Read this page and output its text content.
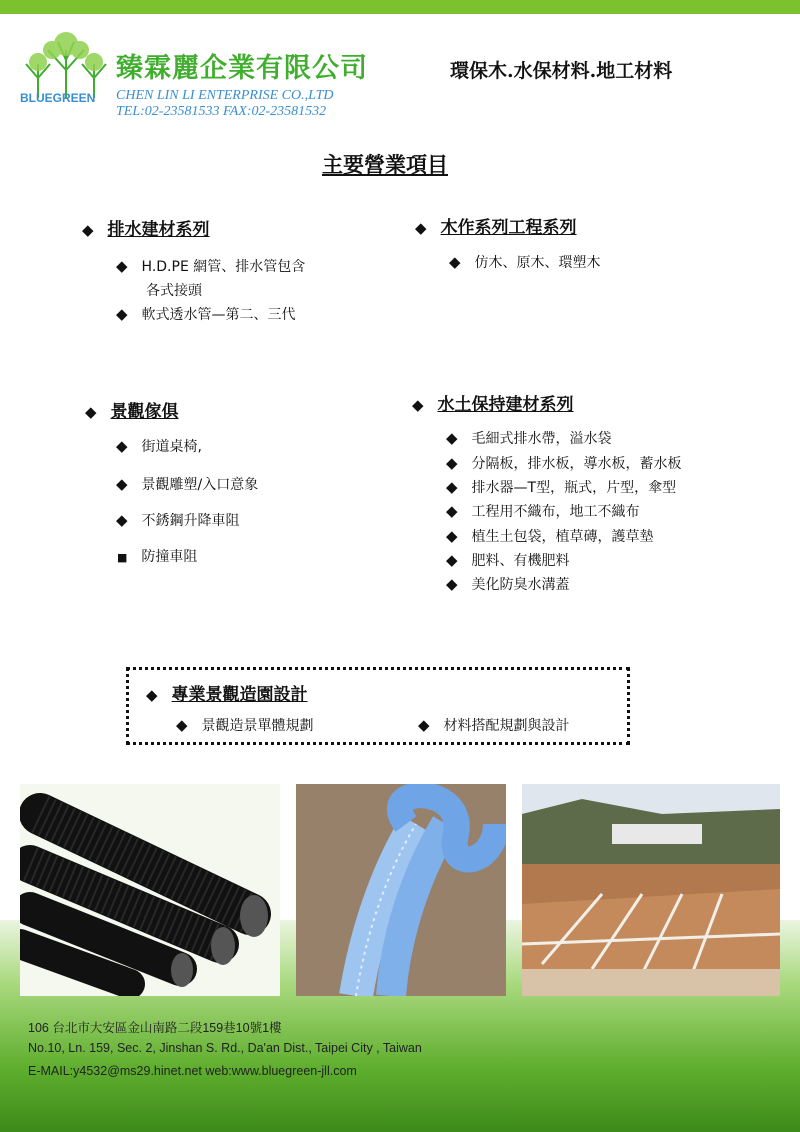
BLUEGREEN
臻霖麗企業有限公司
CHEN LIN LI ENTERPRISE CO.,LTD
TEL:02-23581533 FAX:02-23581532
環保木.水保材料.地工材料
主要營業項目
◆ 排水建材系列
◆ H.D.PE 網管、排水管包含
各式接頭
◆ 軟式透水管—第二、三代
◆ 木作系列工程系列
◆ 仿木、原木、環塑木
◆ 景觀傢俱
◆ 街道桌椅,
◆ 景觀雕塑/入口意象
◆ 不銹鋼升降車阻
■ 防撞車阻
◆ 水土保持建材系列
◆ 毛細式排水帶，溢水袋
◆ 分隔板，排水板，導水板，蓄水板
◆ 排水器—T型，瓶式，片型，傘型
◆ 工程用不織布，地工不織布
◆ 植生土包袋，植草磚，護草墊
◆ 肥料、有機肥料
◆ 美化防臭水溝蓋
◆ 專業景觀造園設計
◆ 景觀造景單體規劃	◆ 材料搭配規劃與設計
106 台北市大安區金山南路二段159巷10號1樓
No.10, Ln. 159, Sec. 2, Jinshan S. Rd., Da'an Dist., Taipei City , Taiwan
E-MAIL:y4532@ms29.hinet.net web:www.bluegreen-jll.com
